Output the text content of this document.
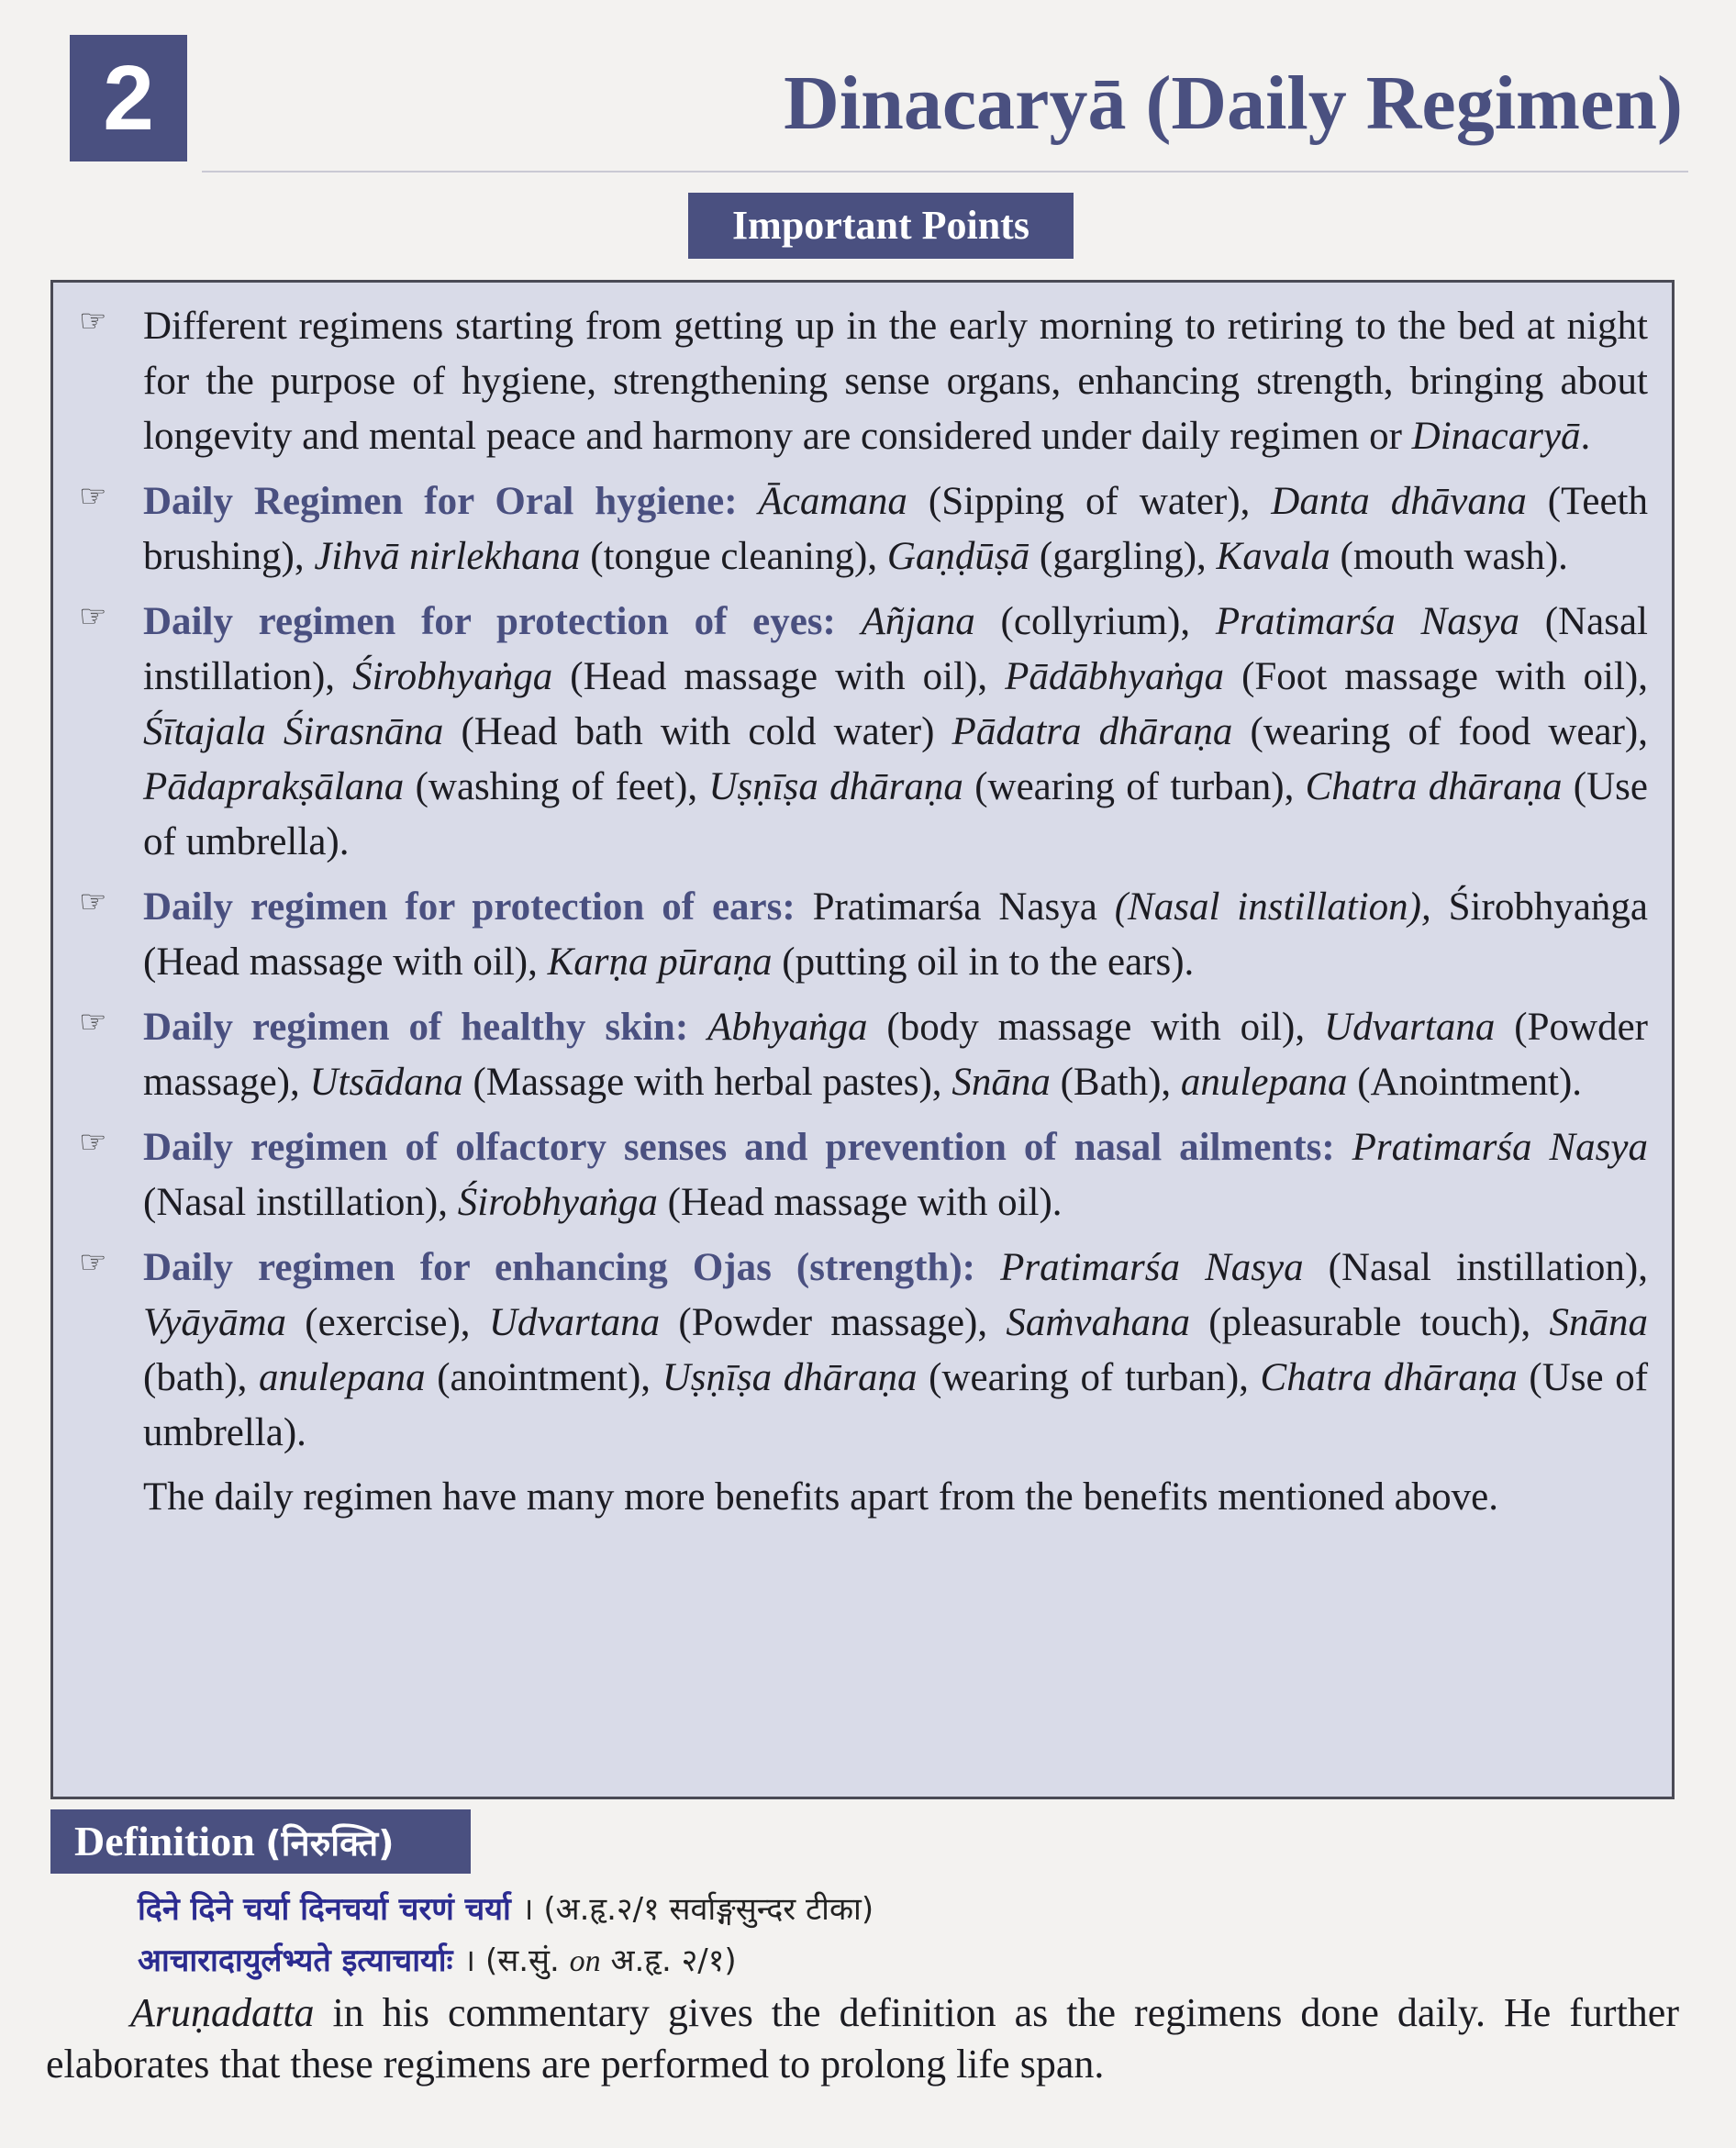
2	Dinacaryā (Daily Regimen)
Important Points
☞ Different regimens starting from getting up in the early morning to retiring to the bed at night for the purpose of hygiene, strengthening sense organs, enhancing strength, bringing about longevity and mental peace and harmony are considered under daily regimen or Dinacaryā.
☞ Daily Regimen for Oral hygiene: Ācamana (Sipping of water), Danta dhāvana (Teeth brushing), Jihvā nirlekhana (tongue cleaning), Gaṇḍūṣā (gargling), Kavala (mouth wash).
☞ Daily regimen for protection of eyes: Añjana (collyrium), Pratimarśa Nasya (Nasal instillation), Śirobhyaṅga (Head massage with oil), Pādābhyaṅga (Foot massage with oil), Śītajala Śirasnāna (Head bath with cold water) Pādatra dhāraṇa (wearing of food wear), Pādaprakṣālana (washing of feet), Uṣṇīṣa dhāraṇa (wearing of turban), Chatra dhāraṇa (Use of umbrella).
☞ Daily regimen for protection of ears: Pratimarśa Nasya (Nasal instillation), Śirobhyaṅga (Head massage with oil), Karṇa pūraṇa (putting oil in to the ears).
☞ Daily regimen of healthy skin: Abhyaṅga (body massage with oil), Udvartana (Powder massage), Utsādana (Massage with herbal pastes), Snāna (Bath), anulepana (Anointment).
☞ Daily regimen of olfactory senses and prevention of nasal ailments: Pratimarśa Nasya (Nasal instillation), Śirobhyaṅga (Head massage with oil).
☞ Daily regimen for enhancing Ojas (strength): Pratimarśa Nasya (Nasal instillation), Vyāyāma (exercise), Udvartana (Powder massage), Saṁvahana (pleasurable touch), Snāna (bath), anulepana (anointment), Uṣṇīṣa dhāraṇa (wearing of turban), Chatra dhāraṇa (Use of umbrella).
The daily regimen have many more benefits apart from the benefits mentioned above.
Definition (निरुक्ति)
दिने दिने चर्या दिनचर्या चरणं चर्या । (अ.हृ.२/१ सर्वाङ्गसुन्दर टीका)
आचारादायुर्लभ्यते इत्याचार्याः । (स.सुं. on अ.हृ. २/१)
Aruṇadatta in his commentary gives the definition as the regimens done daily. He further elaborates that these regimens are performed to prolong life span.
